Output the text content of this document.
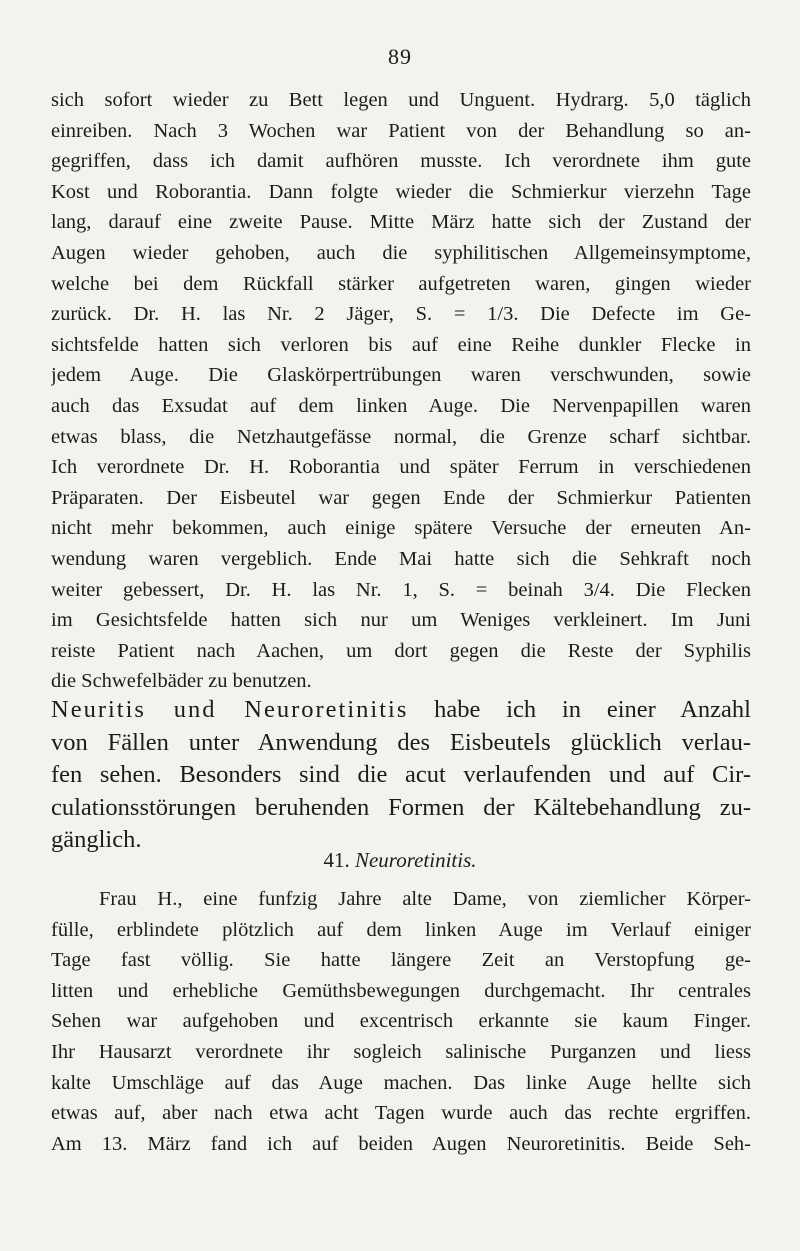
89
sich sofort wieder zu Bett legen und Unguent. Hydrarg. 5,0 täglich
einreiben. Nach 3 Wochen war Patient von der Behandlung so an-
gegriffen, dass ich damit aufhören musste. Ich verordnete ihm gute
Kost und Roborantia. Dann folgte wieder die Schmierkur vierzehn Tage
lang, darauf eine zweite Pause. Mitte März hatte sich der Zustand der
Augen wieder gehoben, auch die syphilitischen Allgemeinsymptome,
welche bei dem Rückfall stärker aufgetreten waren, gingen wieder
zurück. Dr. H. las Nr. 2 Jäger, S. = 1/3. Die Defecte im Ge-
sichtsfelde hatten sich verloren bis auf eine Reihe dunkler Flecke in
jedem Auge. Die Glaskörpertrübungen waren verschwunden, sowie
auch das Exsudat auf dem linken Auge. Die Nervenpapillen waren
etwas blass, die Netzhautgefässe normal, die Grenze scharf sichtbar.
Ich verordnete Dr. H. Roborantia und später Ferrum in verschiedenen
Präparaten. Der Eisbeutel war gegen Ende der Schmierkur Patienten
nicht mehr bekommen, auch einige spätere Versuche der erneuten An-
wendung waren vergeblich. Ende Mai hatte sich die Sehkraft noch
weiter gebessert, Dr. H. las Nr. 1, S. = beinah 3/4. Die Flecken
im Gesichtsfelde hatten sich nur um Weniges verkleinert. Im Juni
reiste Patient nach Aachen, um dort gegen die Reste der Syphilis
die Schwefelbäder zu benutzen.
Neuritis und Neuroretinitis habe ich in einer Anzahl
von Fällen unter Anwendung des Eisbeutels glücklich verlau-
fen sehen. Besonders sind die acut verlaufenden und auf Cir-
culationsstörungen beruhenden Formen der Kältebehandlung zu-
gänglich.
41. Neuroretinitis.
Frau H., eine funfzig Jahre alte Dame, von ziemlicher Körper-
fülle, erblindete plötzlich auf dem linken Auge im Verlauf einiger
Tage fast völlig. Sie hatte längere Zeit an Verstopfung ge-
litten und erhebliche Gemüthsbewegungen durchgemacht. Ihr centrales
Sehen war aufgehoben und excentrisch erkannte sie kaum Finger.
Ihr Hausarzt verordnete ihr sogleich salinische Purganzen und liess
kalte Umschläge auf das Auge machen. Das linke Auge hellte sich
etwas auf, aber nach etwa acht Tagen wurde auch das rechte ergriffen.
Am 13. März fand ich auf beiden Augen Neuroretinitis. Beide Seh-
